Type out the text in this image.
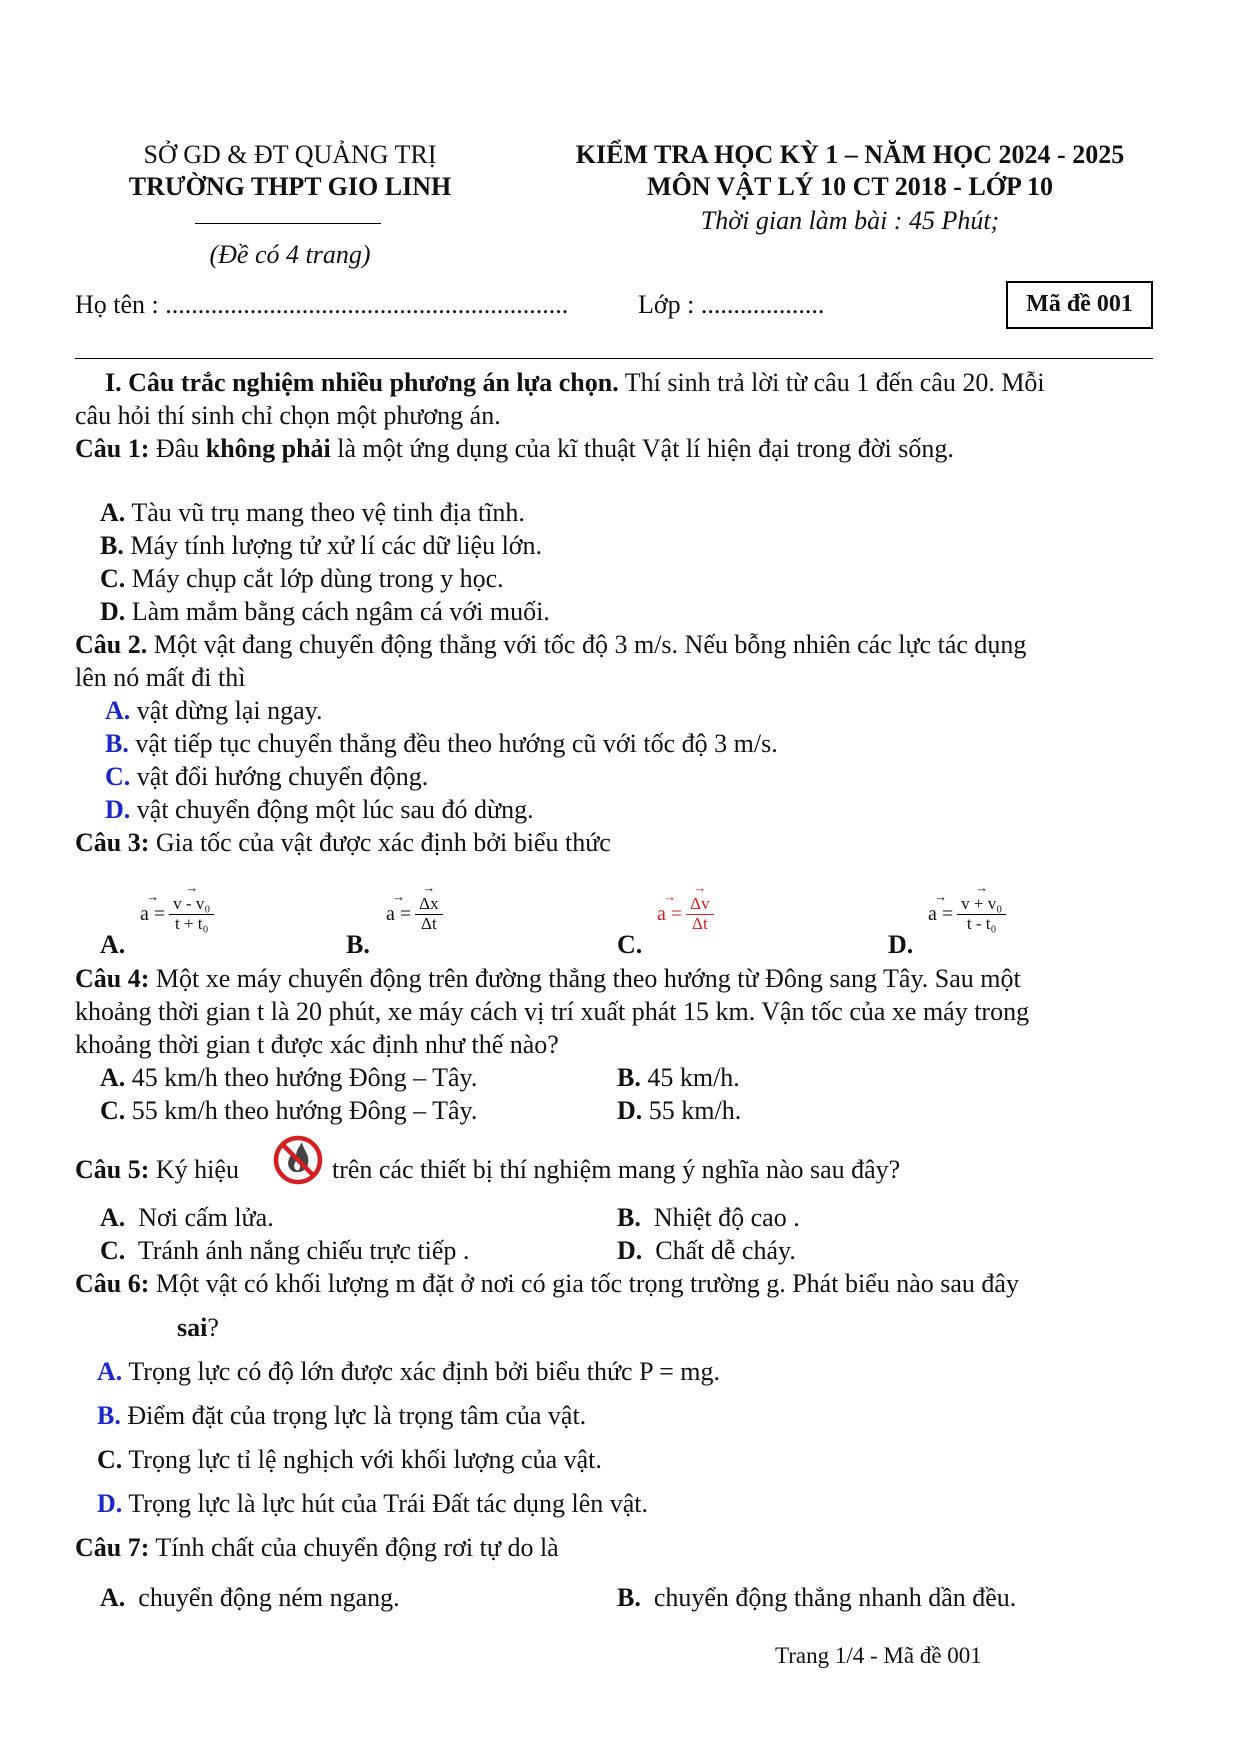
SỞ GD & ĐT QUẢNG TRỊ
TRƯỜNG THPT GIO LINH
(Đề có 4 trang)
KIỂM TRA HỌC KỲ 1 – NĂM HỌC 2024 - 2025
MÔN VẬT LÝ 10 CT 2018 - LỚP 10
Thời gian làm bài : 45 Phút;
Họ tên : ..............................................................	Lớp : ...................	Mã đề 001
I. Câu trắc nghiệm nhiều phương án lựa chọn. Thí sinh trả lời từ câu 1 đến câu 20. Mỗi
câu hỏi thí sinh chỉ chọn một phương án.
Câu 1: Đâu không phải là một ứng dụng của kĩ thuật Vật lí hiện đại trong đời sống.
A. Tàu vũ trụ mang theo vệ tinh địa tĩnh.
B. Máy tính lượng tử xử lí các dữ liệu lớn.
C. Máy chụp cắt lớp dùng trong y học.
D. Làm mắm bằng cách ngâm cá với muối.
Câu 2. Một vật đang chuyển động thẳng với tốc độ 3 m/s. Nếu bỗng nhiên các lực tác dụng
lên nó mất đi thì
A. vật dừng lại ngay.
B. vật tiếp tục chuyển thẳng đều theo hướng cũ với tốc độ 3 m/s.
C. vật đổi hướng chuyển động.
D. vật chuyển động một lúc sau đó dừng.
Câu 3: Gia tốc của vật được xác định bởi biểu thức
A.
→ a = → $\frac{\text{v - v₀}}{\text{t + t₀}}$
B.
→ a = → $\frac{\Delta x}{\Delta t}$
C.
→ a = → $\frac{\Delta v}{\Delta t}$
D.
→ a = → $\frac{\text{v + v₀}}{\text{t - t₀}}$
Câu 4: Một xe máy chuyển động trên đường thẳng theo hướng từ Đông sang Tây. Sau một
khoảng thời gian t là 20 phút, xe máy cách vị trí xuất phát 15 km. Vận tốc của xe máy trong
khoảng thời gian t được xác định như thế nào?
A. 45 km/h theo hướng Đông – Tây.	B. 45 km/h.
C. 55 km/h theo hướng Đông – Tây.	D. 55 km/h.
Câu 5: Ký hiệu	trên các thiết bị thí nghiệm mang ý nghĩa nào sau đây?
A. Nơi cấm lửa.	B. Nhiệt độ cao .
C. Tránh ánh nắng chiếu trực tiếp .	D. Chất dễ cháy.
Câu 6: Một vật có khối lượng m đặt ở nơi có gia tốc trọng trường g. Phát biểu nào sau đây
sai?
A. Trọng lực có độ lớn được xác định bởi biểu thức P = mg.
B. Điểm đặt của trọng lực là trọng tâm của vật.
C. Trọng lực tỉ lệ nghịch với khối lượng của vật.
D. Trọng lực là lực hút của Trái Đất tác dụng lên vật.
Câu 7: Tính chất của chuyển động rơi tự do là
A. chuyển động ném ngang.	B. chuyển động thẳng nhanh dần đều.
Trang 1/4 - Mã đề 001
